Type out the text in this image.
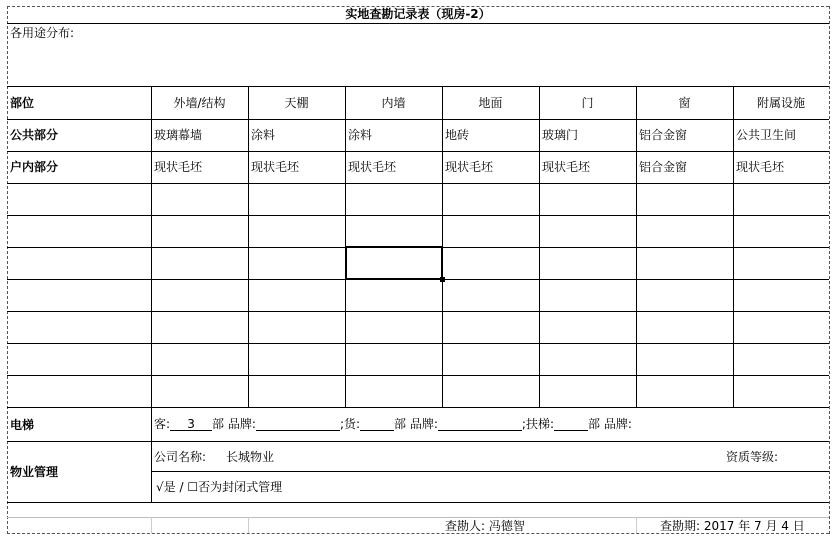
实地查勘记录表（现房-2）
各用途分布:
部位	外墙/结构	天棚	内墙	地面	门	窗	附属设施
公共部分	玻璃幕墙	涂料	涂料	地砖	玻璃门	铝合金窗	公共卫生间
户内部分	现状毛坯	现状毛坯	现状毛坯	现状毛坯	现状毛坯	铝合金窗	现状毛坯
电梯	客: 3 部 品牌:	;货:	部 品牌:	;扶梯:	部 品牌:
物业管理
公司名称: 长城物业	资质等级:
√是 / ☐否为封闭式管理
查勘人: 冯德智	查勘期: 2017 年 7 月 4 日
